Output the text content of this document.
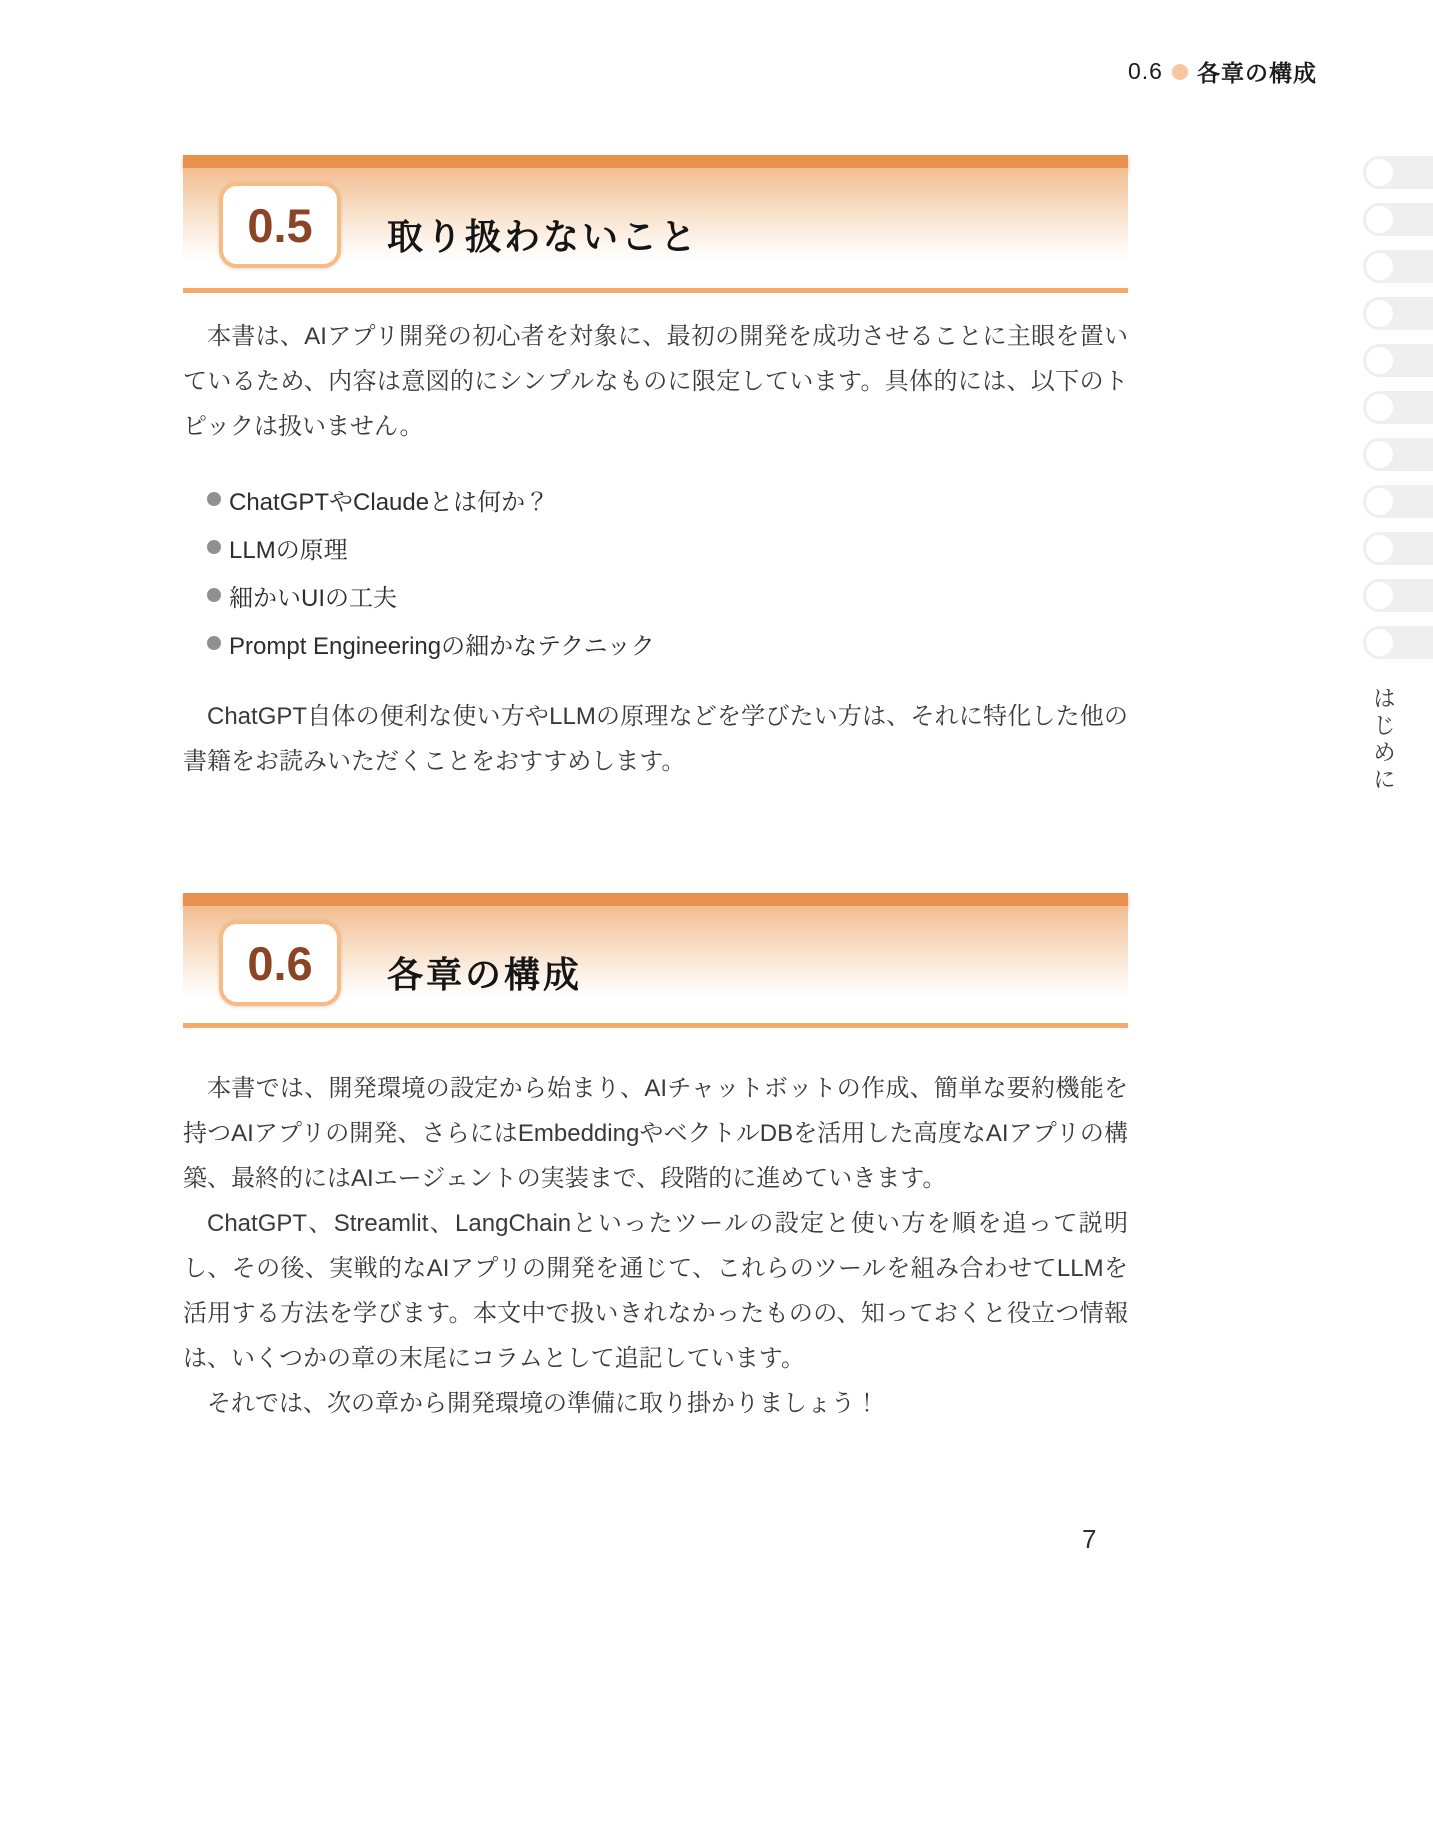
0.6 各章の構成
0.5	取り扱わないこと

本書は、AIアプリ開発の初心者を対象に、最初の開発を成功させることに主眼を置いているため、内容は意図的にシンプルなものに限定しています。具体的には、以下のトピックは扱いません。

ChatGPTやClaudeとは何か？
LLMの原理
細かいUIの工夫
Prompt Engineeringの細かなテクニック

ChatGPT自体の便利な使い方やLLMの原理などを学びたい方は、それに特化した他の書籍をお読みいただくことをおすすめします。

0.6	各章の構成

本書では、開発環境の設定から始まり、AIチャットボットの作成、簡単な要約機能を持つAIアプリの開発、さらにはEmbeddingやベクトルDBを活用した高度なAIアプリの構築、最終的にはAIエージェントの実装まで、段階的に進めていきます。

ChatGPT、Streamlit、LangChainといったツールの設定と使い方を順を追って説明し、その後、実戦的なAIアプリの開発を通じて、これらのツールを組み合わせてLLMを活用する方法を学びます。本文中で扱いきれなかったものの、知っておくと役立つ情報は、いくつかの章の末尾にコラムとして追記しています。

それでは、次の章から開発環境の準備に取り掛かりましょう！

はじめに
7
